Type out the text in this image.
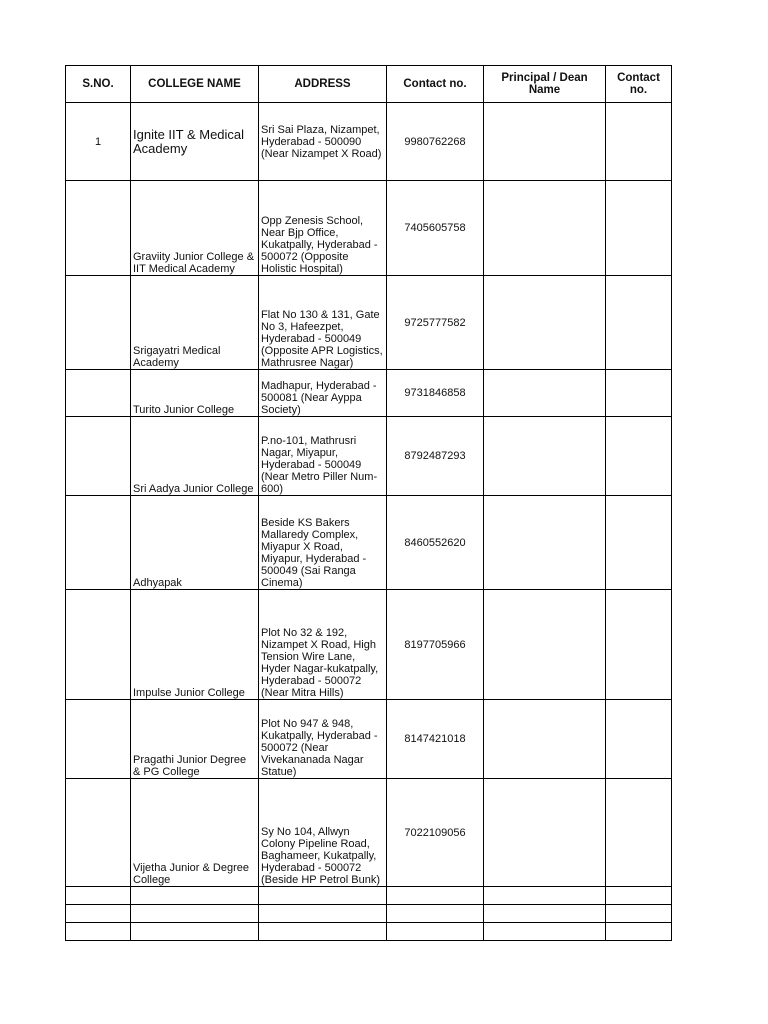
S.NO.	COLLEGE NAME	ADDRESS	Contact no.	Principal / Dean Name	Contact no.
1	Ignite IIT & Medical Academy	Sri Sai Plaza, Nizampet, Hyderabad - 500090 (Near Nizampet X Road)	9980762268		
	Graviity Junior College & IIT Medical Academy	Opp Zenesis School, Near Bjp Office, Kukatpally, Hyderabad - 500072 (Opposite Holistic Hospital)	7405605758		
	Srigayatri Medical Academy	Flat No 130 & 131, Gate No 3, Hafeezpet, Hyderabad - 500049 (Opposite APR Logistics, Mathrusree Nagar)	9725777582		
	Turito Junior College	Madhapur, Hyderabad - 500081 (Near Ayppa Society)	9731846858		
	Sri Aadya Junior College	P.no-101, Mathrusri Nagar, Miyapur, Hyderabad - 500049 (Near Metro Piller Num-600)	8792487293		
	Adhyapak	Beside KS Bakers Mallaredy Complex, Miyapur X Road, Miyapur, Hyderabad - 500049 (Sai Ranga Cinema)	8460552620		
	Impulse Junior College	Plot No 32 & 192, Nizampet X Road, High Tension Wire Lane, Hyder Nagar-kukatpally, Hyderabad - 500072 (Near Mitra Hills)	8197705966		
	Pragathi Junior Degree & PG College	Plot No 947 & 948, Kukatpally, Hyderabad - 500072 (Near Vivekananada Nagar Statue)	8147421018		
	Vijetha Junior & Degree College	Sy No 104, Allwyn Colony Pipeline Road, Baghameer, Kukatpally, Hyderabad - 500072 (Beside HP Petrol Bunk)	7022109056		
